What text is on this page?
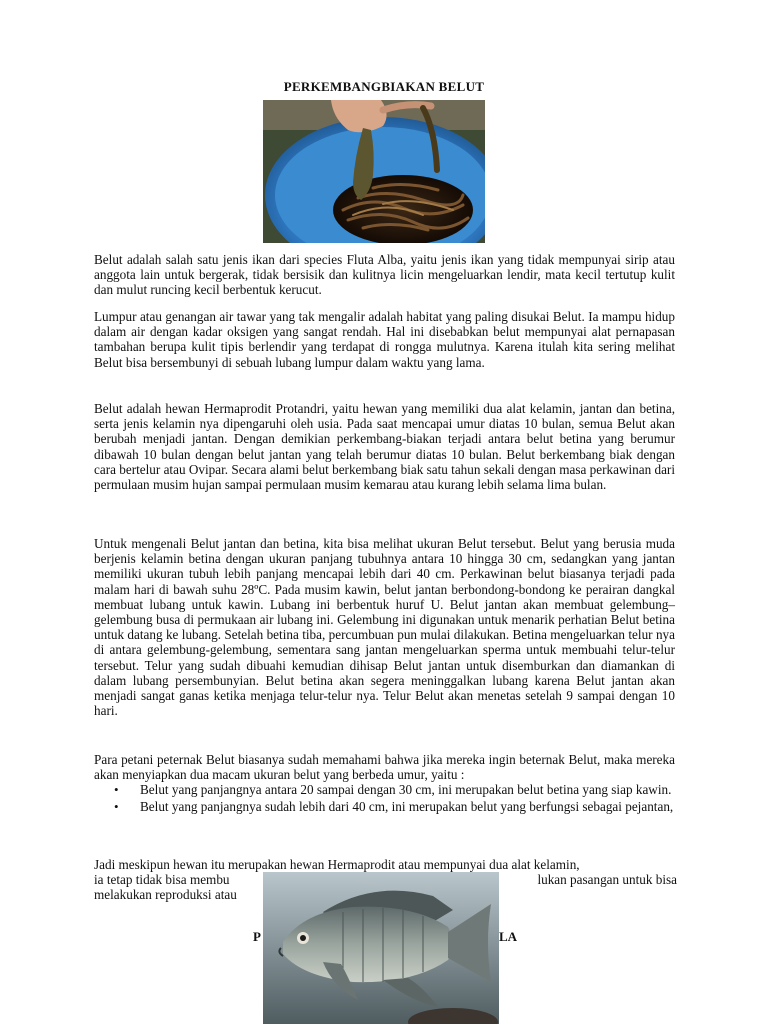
PERKEMBANGBIAKAN BELUT
Belut adalah salah satu jenis ikan dari species Fluta Alba, yaitu jenis ikan yang tidak mempunyai sirip atau anggota lain untuk bergerak, tidak bersisik dan kulitnya licin mengeluarkan lendir, mata kecil tertutup kulit dan mulut runcing kecil berbentuk kerucut.
Lumpur atau genangan air tawar yang tak mengalir adalah habitat yang paling disukai Belut. Ia mampu hidup dalam air dengan kadar oksigen yang sangat rendah. Hal ini disebabkan belut mempunyai alat pernapasan tambahan berupa kulit tipis berlendir yang terdapat di rongga mulutnya. Karena itulah kita sering melihat Belut bisa bersembunyi di sebuah lubang lumpur dalam waktu yang lama.
Belut adalah hewan Hermaprodit Protandri, yaitu hewan yang memiliki dua alat kelamin, jantan dan betina, serta jenis kelamin nya dipengaruhi oleh usia. Pada saat mencapai umur diatas 10 bulan, semua Belut akan berubah menjadi jantan. Dengan demikian perkembang-biakan terjadi antara belut betina yang berumur dibawah 10 bulan dengan belut jantan yang telah berumur diatas 10 bulan. Belut berkembang biak dengan cara bertelur atau Ovipar. Secara alami belut berkembang biak satu tahun sekali dengan masa perkawinan dari permulaan musim hujan sampai permulaan musim kemarau atau kurang lebih selama lima bulan.
Untuk mengenali Belut jantan dan betina, kita bisa melihat ukuran Belut tersebut. Belut yang berusia muda berjenis kelamin betina dengan ukuran panjang tubuhnya antara 10 hingga 30 cm, sedangkan yang jantan memiliki ukuran tubuh lebih panjang mencapai lebih dari 40 cm. Perkawinan belut biasanya terjadi pada malam hari di bawah suhu 28ºC. Pada musim kawin, belut jantan berbondong-bondong ke perairan dangkal membuat lubang untuk kawin. Lubang ini berbentuk huruf U. Belut jantan akan membuat gelembung–gelembung busa di permukaan air lubang ini. Gelembung ini digunakan untuk menarik perhatian Belut betina untuk datang ke lubang. Setelah betina tiba, percumbuan pun mulai dilakukan. Betina mengeluarkan telur nya di antara gelembung-gelembung, sementara sang jantan mengeluarkan sperma untuk membuahi telur-telur tersebut. Telur yang sudah dibuahi kemudian dihisap Belut jantan untuk disemburkan dan diamankan di dalam lubang persembunyian. Belut betina akan segera meninggalkan lubang karena Belut jantan akan menjadi sangat ganas ketika menjaga telur-telur nya. Telur Belut akan menetas setelah 9 sampai dengan 10 hari.
Para petani peternak Belut biasanya sudah memahami bahwa jika mereka ingin beternak Belut, maka mereka akan menyiapkan dua macam ukuran belut yang berbeda umur, yaitu :
• Belut yang panjangnya antara 20 sampai dengan 30 cm, ini merupakan belut betina yang siap kawin.
• Belut yang panjangnya sudah lebih dari 40 cm, ini merupakan belut yang berfungsi sebagai pejantan,
Jadi meskipun hewan itu merupakan hewan Hermaprodit atau mempunyai dua alat kelamin,
ia tetap tidak bisa membu	lukan pasangan untuk bisa
melakukan reproduksi atau
P	LA
